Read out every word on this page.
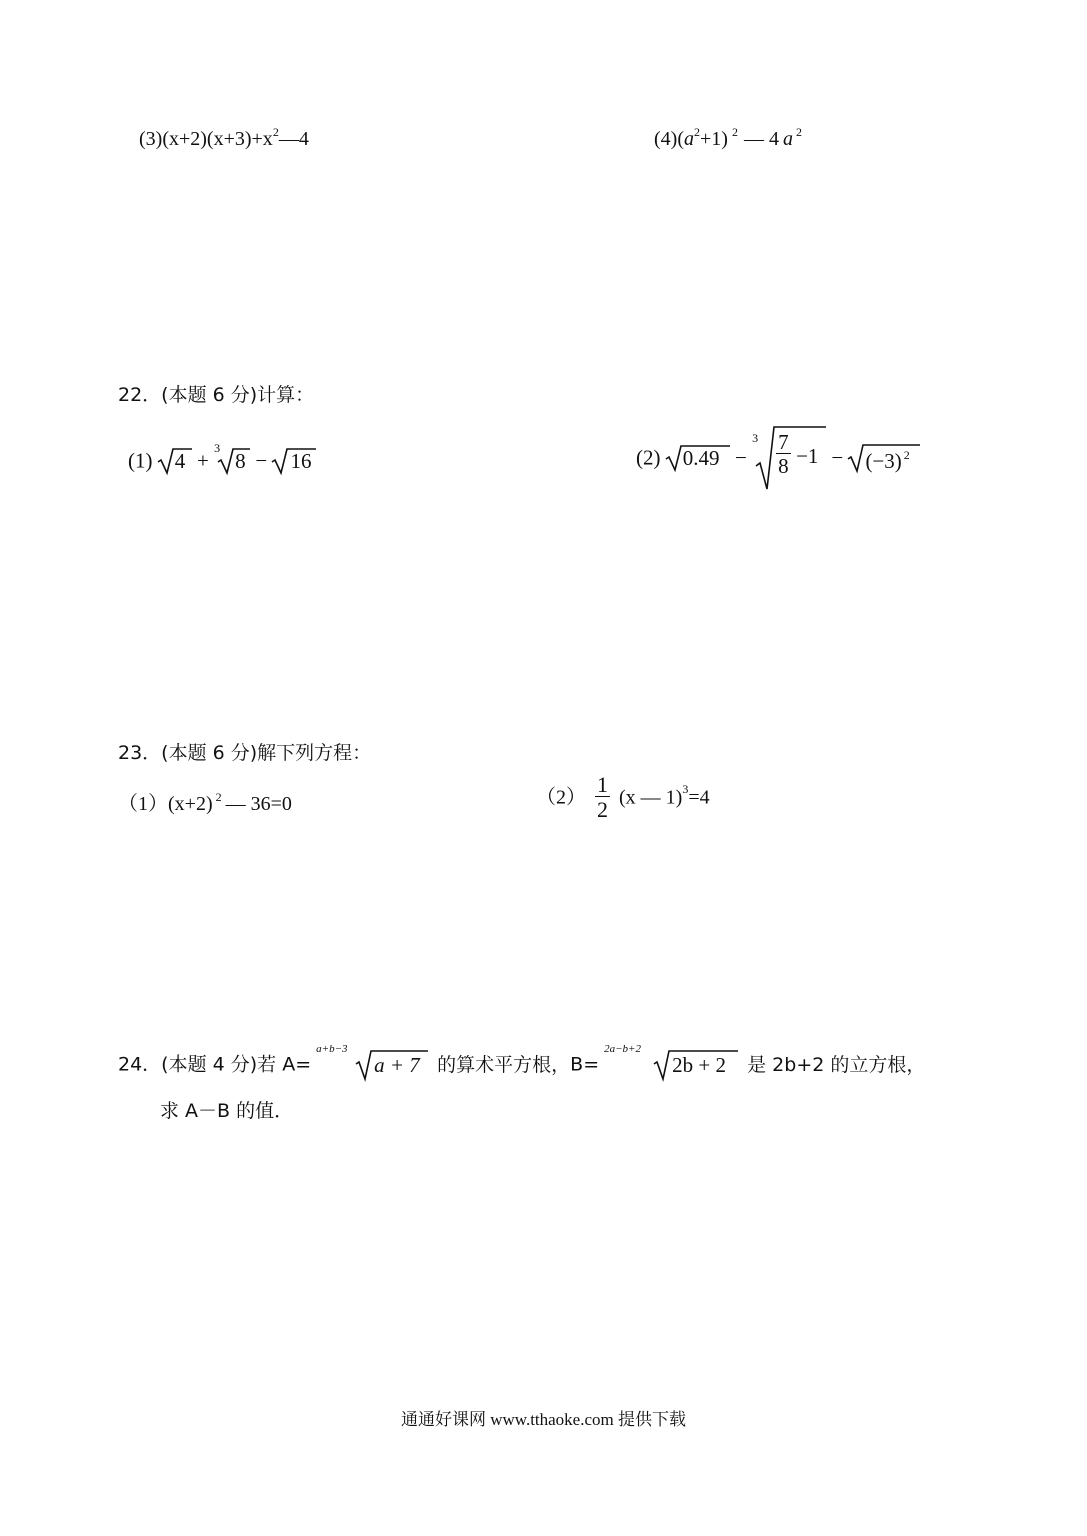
$(3)(x+2)(x+3)+x^2—4$	$(4)(a^2+1)$ $^2$ — 4 a $^2$
22．(本题 6 分)计算：
(1) 4 +
3
8 − 16	(2) 0.49 −
$3 \frac{7}{8} -1 - (-3)$ $^2$
23．(本题 6 分)解下列方程：
（1）(x+2) $^2$ — 36=0	$(2) \frac{1}{2} (x$ — 1)$^3$=4
24．(本题 4 分)若 A=
a+b−3
a + 7 的算术平方根，B=
2a−b+2
2b + 2 是 2b+2 的立方根，
求 A－B 的值．
通通好课网 www.tthaoke.com 提供下载
